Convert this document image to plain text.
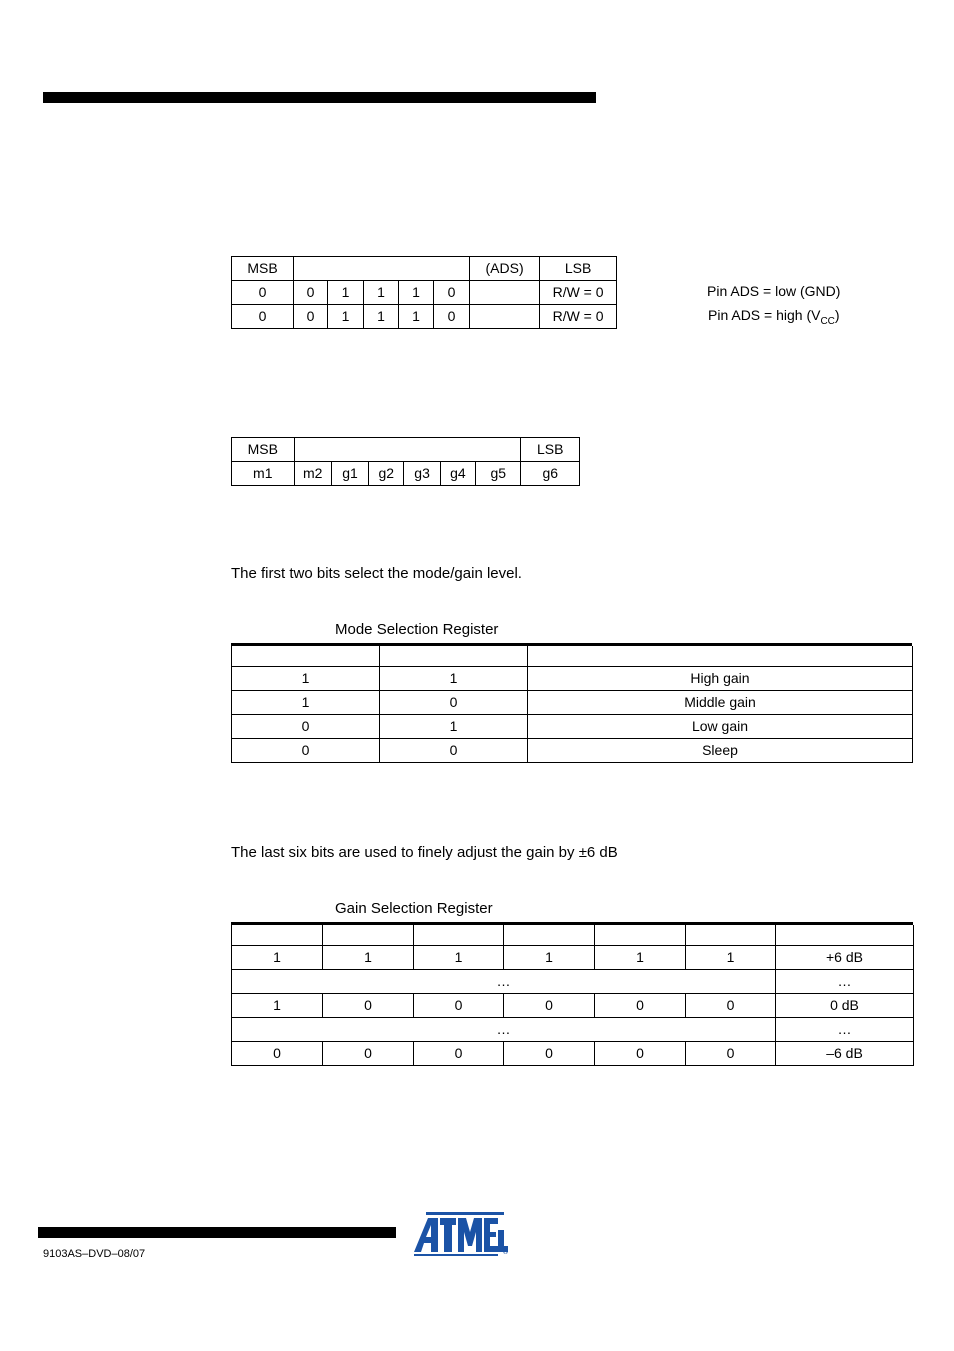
MSB						(ADS)	LSB
0	0	1	1	1	0		R/W = 0
0	0	1	1	1	0		R/W = 0
Pin ADS = low (GND)
Pin ADS = high $(V_{CC})$
MSB							LSB
m1	m2	g1	g2	g3	g4	g5	g6
The first two bits select the mode/gain level.
Mode Selection Register

1	1	High gain
1	0	Middle gain
0	1	Low gain
0	0	Sleep
The last six bits are used to finely adjust the gain by ±6 dB
Gain Selection Register

1	1	1	1	1	1	+6 dB
…						…
1	0	0	0	0	0	0 dB
…						…
0	0	0	0	0	0	–6 dB
9103AS–DVD–08/07	®
